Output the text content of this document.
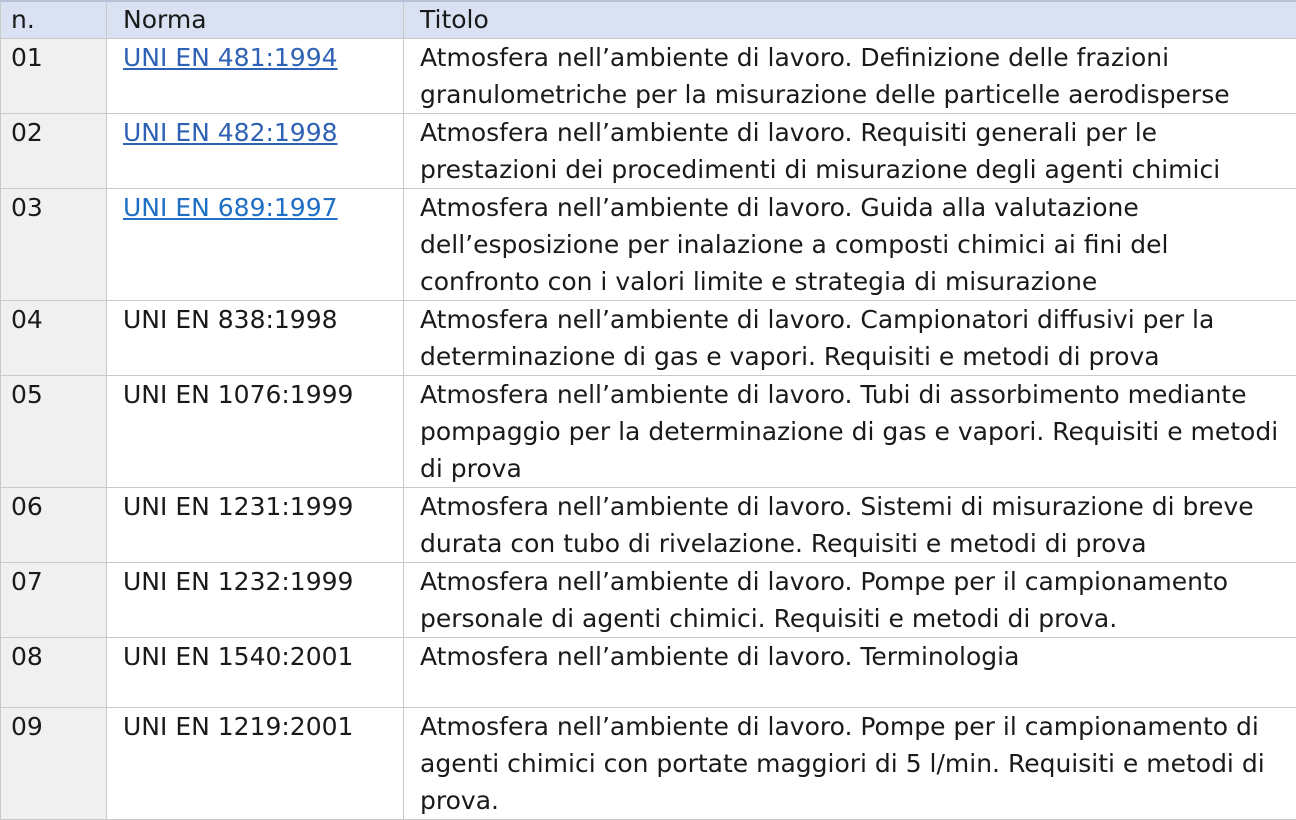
n.	Norma	Titolo
01	UNI EN 481:1994	Atmosfera nell’ambiente di lavoro. Definizione delle frazioni granulometriche per la misurazione delle particelle aerodisperse
02	UNI EN 482:1998	Atmosfera nell’ambiente di lavoro. Requisiti generali per le prestazioni dei procedimenti di misurazione degli agenti chimici
03	UNI EN 689:1997	Atmosfera nell’ambiente di lavoro. Guida alla valutazione dell’esposizione per inalazione a composti chimici ai fini del confronto con i valori limite e strategia di misurazione
04	UNI EN 838:1998	Atmosfera nell’ambiente di lavoro. Campionatori diffusivi per la determinazione di gas e vapori. Requisiti e metodi di prova
05	UNI EN 1076:1999	Atmosfera nell’ambiente di lavoro. Tubi di assorbimento mediante pompaggio per la determinazione di gas e vapori. Requisiti e metodi di prova
06	UNI EN 1231:1999	Atmosfera nell’ambiente di lavoro. Sistemi di misurazione di breve durata con tubo di rivelazione. Requisiti e metodi di prova
07	UNI EN 1232:1999	Atmosfera nell’ambiente di lavoro. Pompe per il campionamento personale di agenti chimici. Requisiti e metodi di prova.
08	UNI EN 1540:2001	Atmosfera nell’ambiente di lavoro. Terminologia
09	UNI EN 1219:2001	Atmosfera nell’ambiente di lavoro. Pompe per il campionamento di agenti chimici con portate maggiori di 5 l/min. Requisiti e metodi di prova.
